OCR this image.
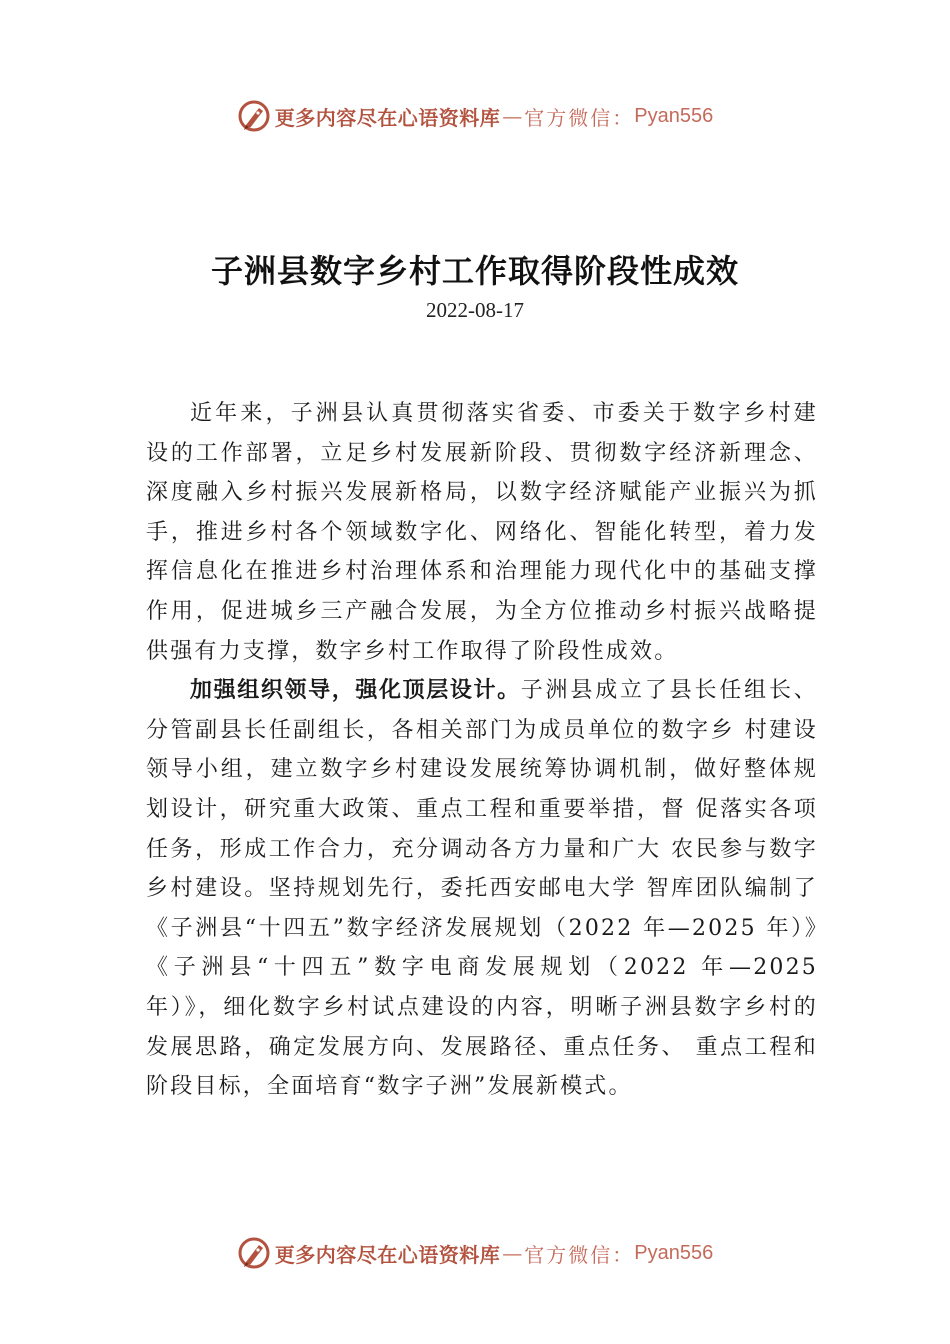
更多内容尽在心语资料库 — 官方微信： Pyan556
子洲县数字乡村工作取得阶段性成效
2022-08-17

近年来，子洲县认真贯彻落实省委、市委关于数字乡村建设的工作部署，立足乡村发展新阶段、贯彻数字经济新理念、深度融入乡村振兴发展新格局，以数字经济赋能产业振兴为抓手，推进乡村各个领域数字化、网络化、智能化转型，着力发挥信息化在推进乡村治理体系和治理能力现代化中的基础支撑作用，促进城乡三产融合发展，为全方位推动乡村振兴战略提供强有力支撑，数字乡村工作取得了阶段性成效。

加强组织领导，强化顶层设计。子洲县成立了县长任组长、分管副县长任副组长，各相关部门为成员单位的数字乡 村建设领导小组，建立数字乡村建设发展统筹协调机制，做好整体规划设计，研究重大政策、重点工程和重要举措，督 促落实各项任务，形成工作合力，充分调动各方力量和广大 农民参与数字乡村建设。坚持规划先行，委托西安邮电大学 智库团队编制了《子洲县“十四五”数字经济发展规划（2022 年—2025 年）》《子洲县“十四五”数字电商发展规划（2022 年—2025 年）》，细化数字乡村试点建设的内容，明晰子洲县数字乡村的发展思路，确定发展方向、发展路径、重点任务、 重点工程和阶段目标，全面培育“数字子洲”发展新模式。

更多内容尽在心语资料库 — 官方微信： Pyan556
